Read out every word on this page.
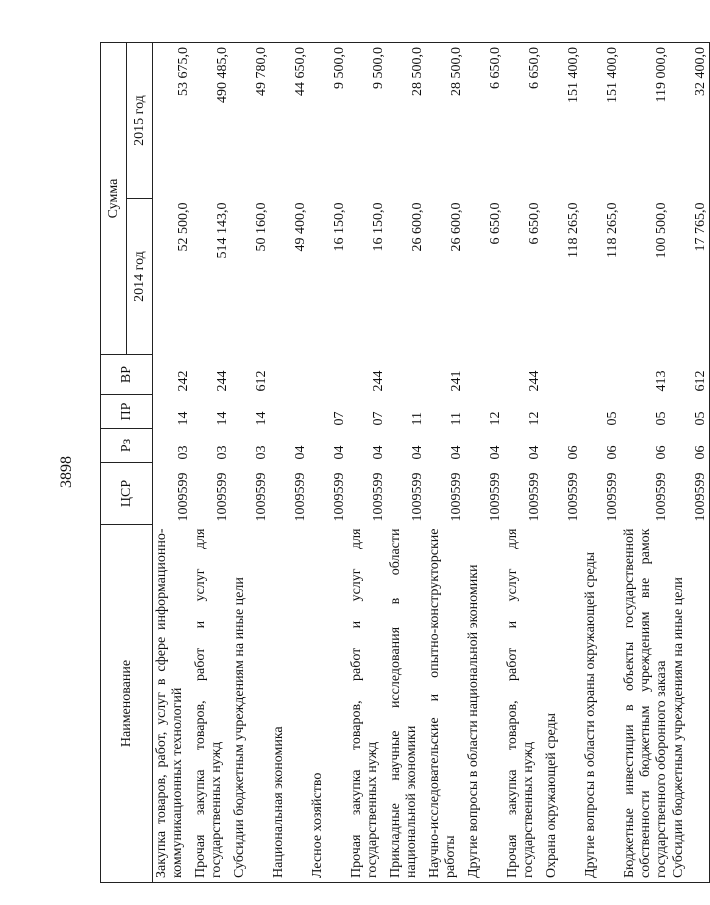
3898
Наименование	ЦСР	Рз	ПР	ВР	Сумма	
					2014 год	2015 год
Закупка товаров, работ, услуг в сфере информационно-коммуникационных технологий	1009599	03	14	242	52 500,0	53 675,0
Прочая закупка товаров, работ и услуг для государственных нужд	1009599	03	14	244	514 143,0	490 485,0
Субсидии бюджетным учреждениям на иные цели	1009599	03	14	612	50 160,0	49 780,0
Национальная экономика	1009599	04			49 400,0	44 650,0
Лесное хозяйство	1009599	04	07		16 150,0	9 500,0
Прочая закупка товаров, работ и услуг для государственных нужд	1009599	04	07	244	16 150,0	9 500,0
Прикладные научные исследования в области национальной экономики	1009599	04	11		26 600,0	28 500,0
Научно-исследовательские и опытно-конструкторские работы	1009599	04	11	241	26 600,0	28 500,0
Другие вопросы в области национальной экономики	1009599	04	12		6 650,0	6 650,0
Прочая закупка товаров, работ и услуг для государственных нужд	1009599	04	12	244	6 650,0	6 650,0
Охрана окружающей среды	1009599	06			118 265,0	151 400,0
Другие вопросы в области охраны окружающей среды	1009599	06	05		118 265,0	151 400,0
Бюджетные инвестиции в объекты государственной собственности бюджетным учреждениям вне рамок государственного оборонного заказа	1009599	06	05	413	100 500,0	119 000,0
Субсидии бюджетным учреждениям на иные цели	1009599	06	05	612	17 765,0	32 400,0
